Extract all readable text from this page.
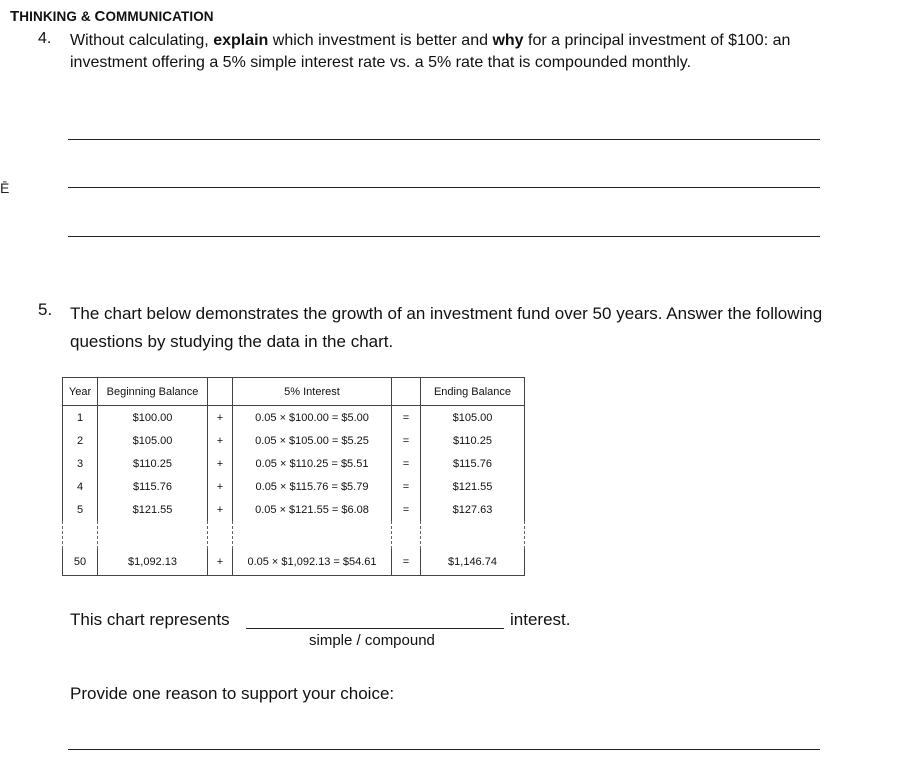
THINKING & COMMUNICATION
4. Without calculating, explain which investment is better and why for a principal investment of $100: an investment offering a 5% simple interest rate vs. a 5% rate that is compounded monthly.
Ē
5. The chart below demonstrates the growth of an investment fund over 50 years. Answer the following questions by studying the data in the chart.
Year	Beginning Balance		5% Interest		Ending Balance
1	$100.00	+	0.05 × $100.00 = $5.00	=	$105.00
2	$105.00	+	0.05 × $105.00 = $5.25	=	$110.25
3	$110.25	+	0.05 × $110.25 = $5.51	=	$115.76
4	$115.76	+	0.05 × $115.76 = $5.79	=	$121.55
5	$121.55	+	0.05 × $121.55 = $6.08	=	$127.63

50	$1,092.13	+	0.05 × $1,092.13 = $54.61	=	$1,146.74
This chart represents	interest.
simple / compound
Provide one reason to support your choice:
